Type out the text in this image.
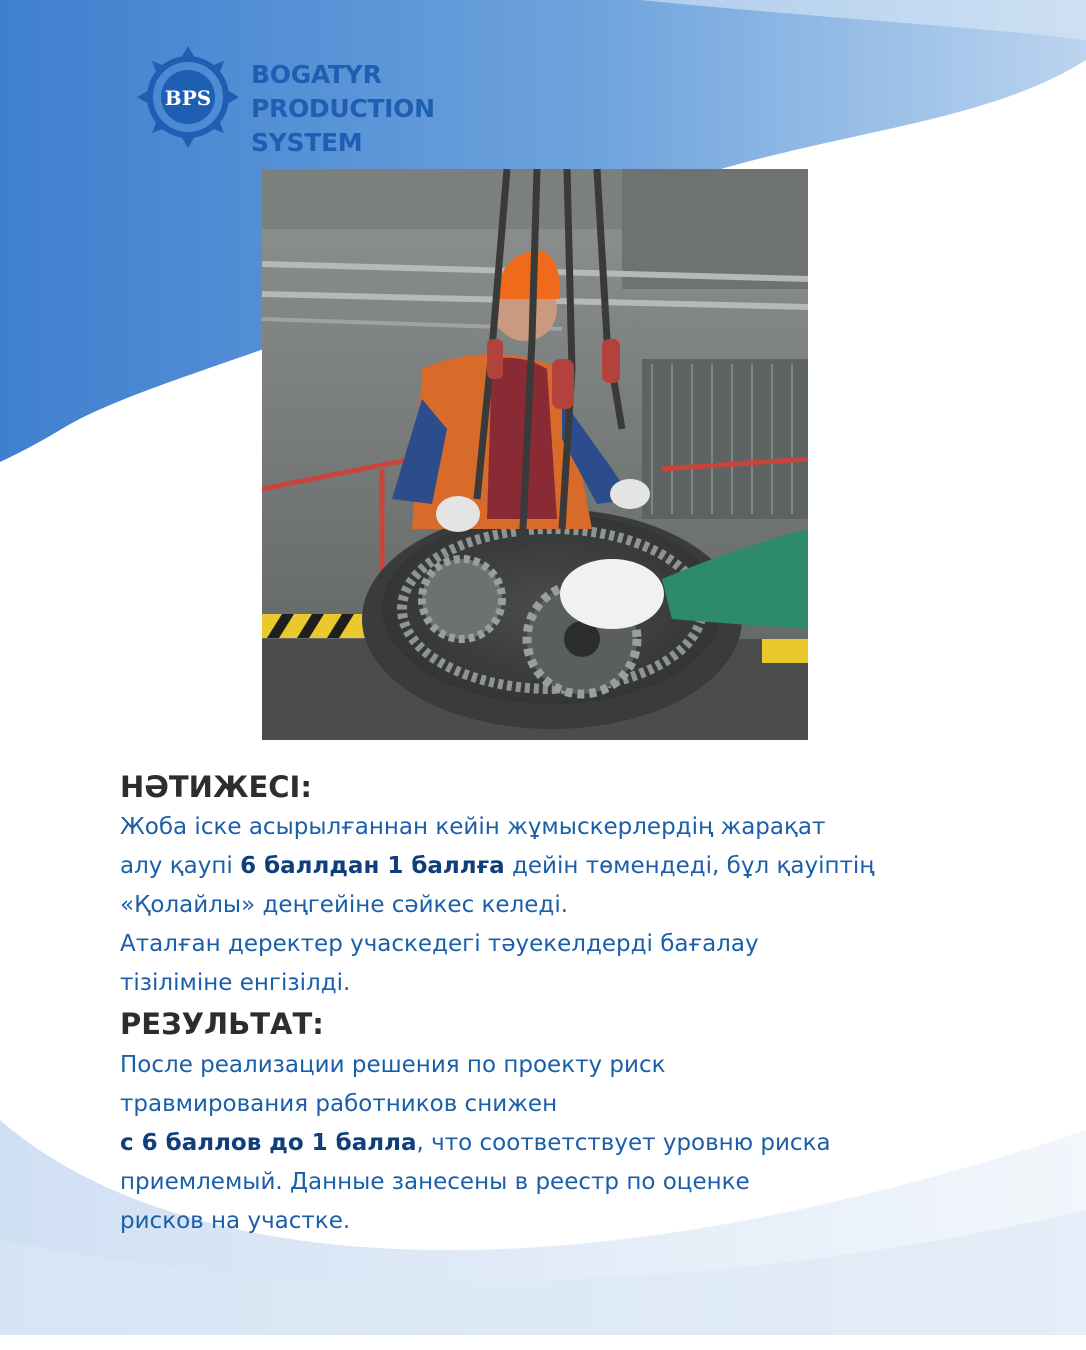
BPS
BOGATYR
PRODUCTION
SYSTEM

НӘТИЖЕСІ:

Жоба іске асырылғаннан кейін жұмыскерлердің жарақат

алу қаупі 6 баллдан 1 баллға дейін төмендеді, бұл қауіптің

«Қолайлы» деңгейіне сәйкес келеді.

Аталған деректер учаскедегі тәуекелдерді бағалау

тізіліміне енгізілді.

РЕЗУЛЬТАТ:

После реализации решения по проекту риск

травмирования работников снижен

с 6 баллов до 1 балла, что соответствует уровню риска

приемлемый. Данные занесены в реестр по оценке

рисков на участке.
